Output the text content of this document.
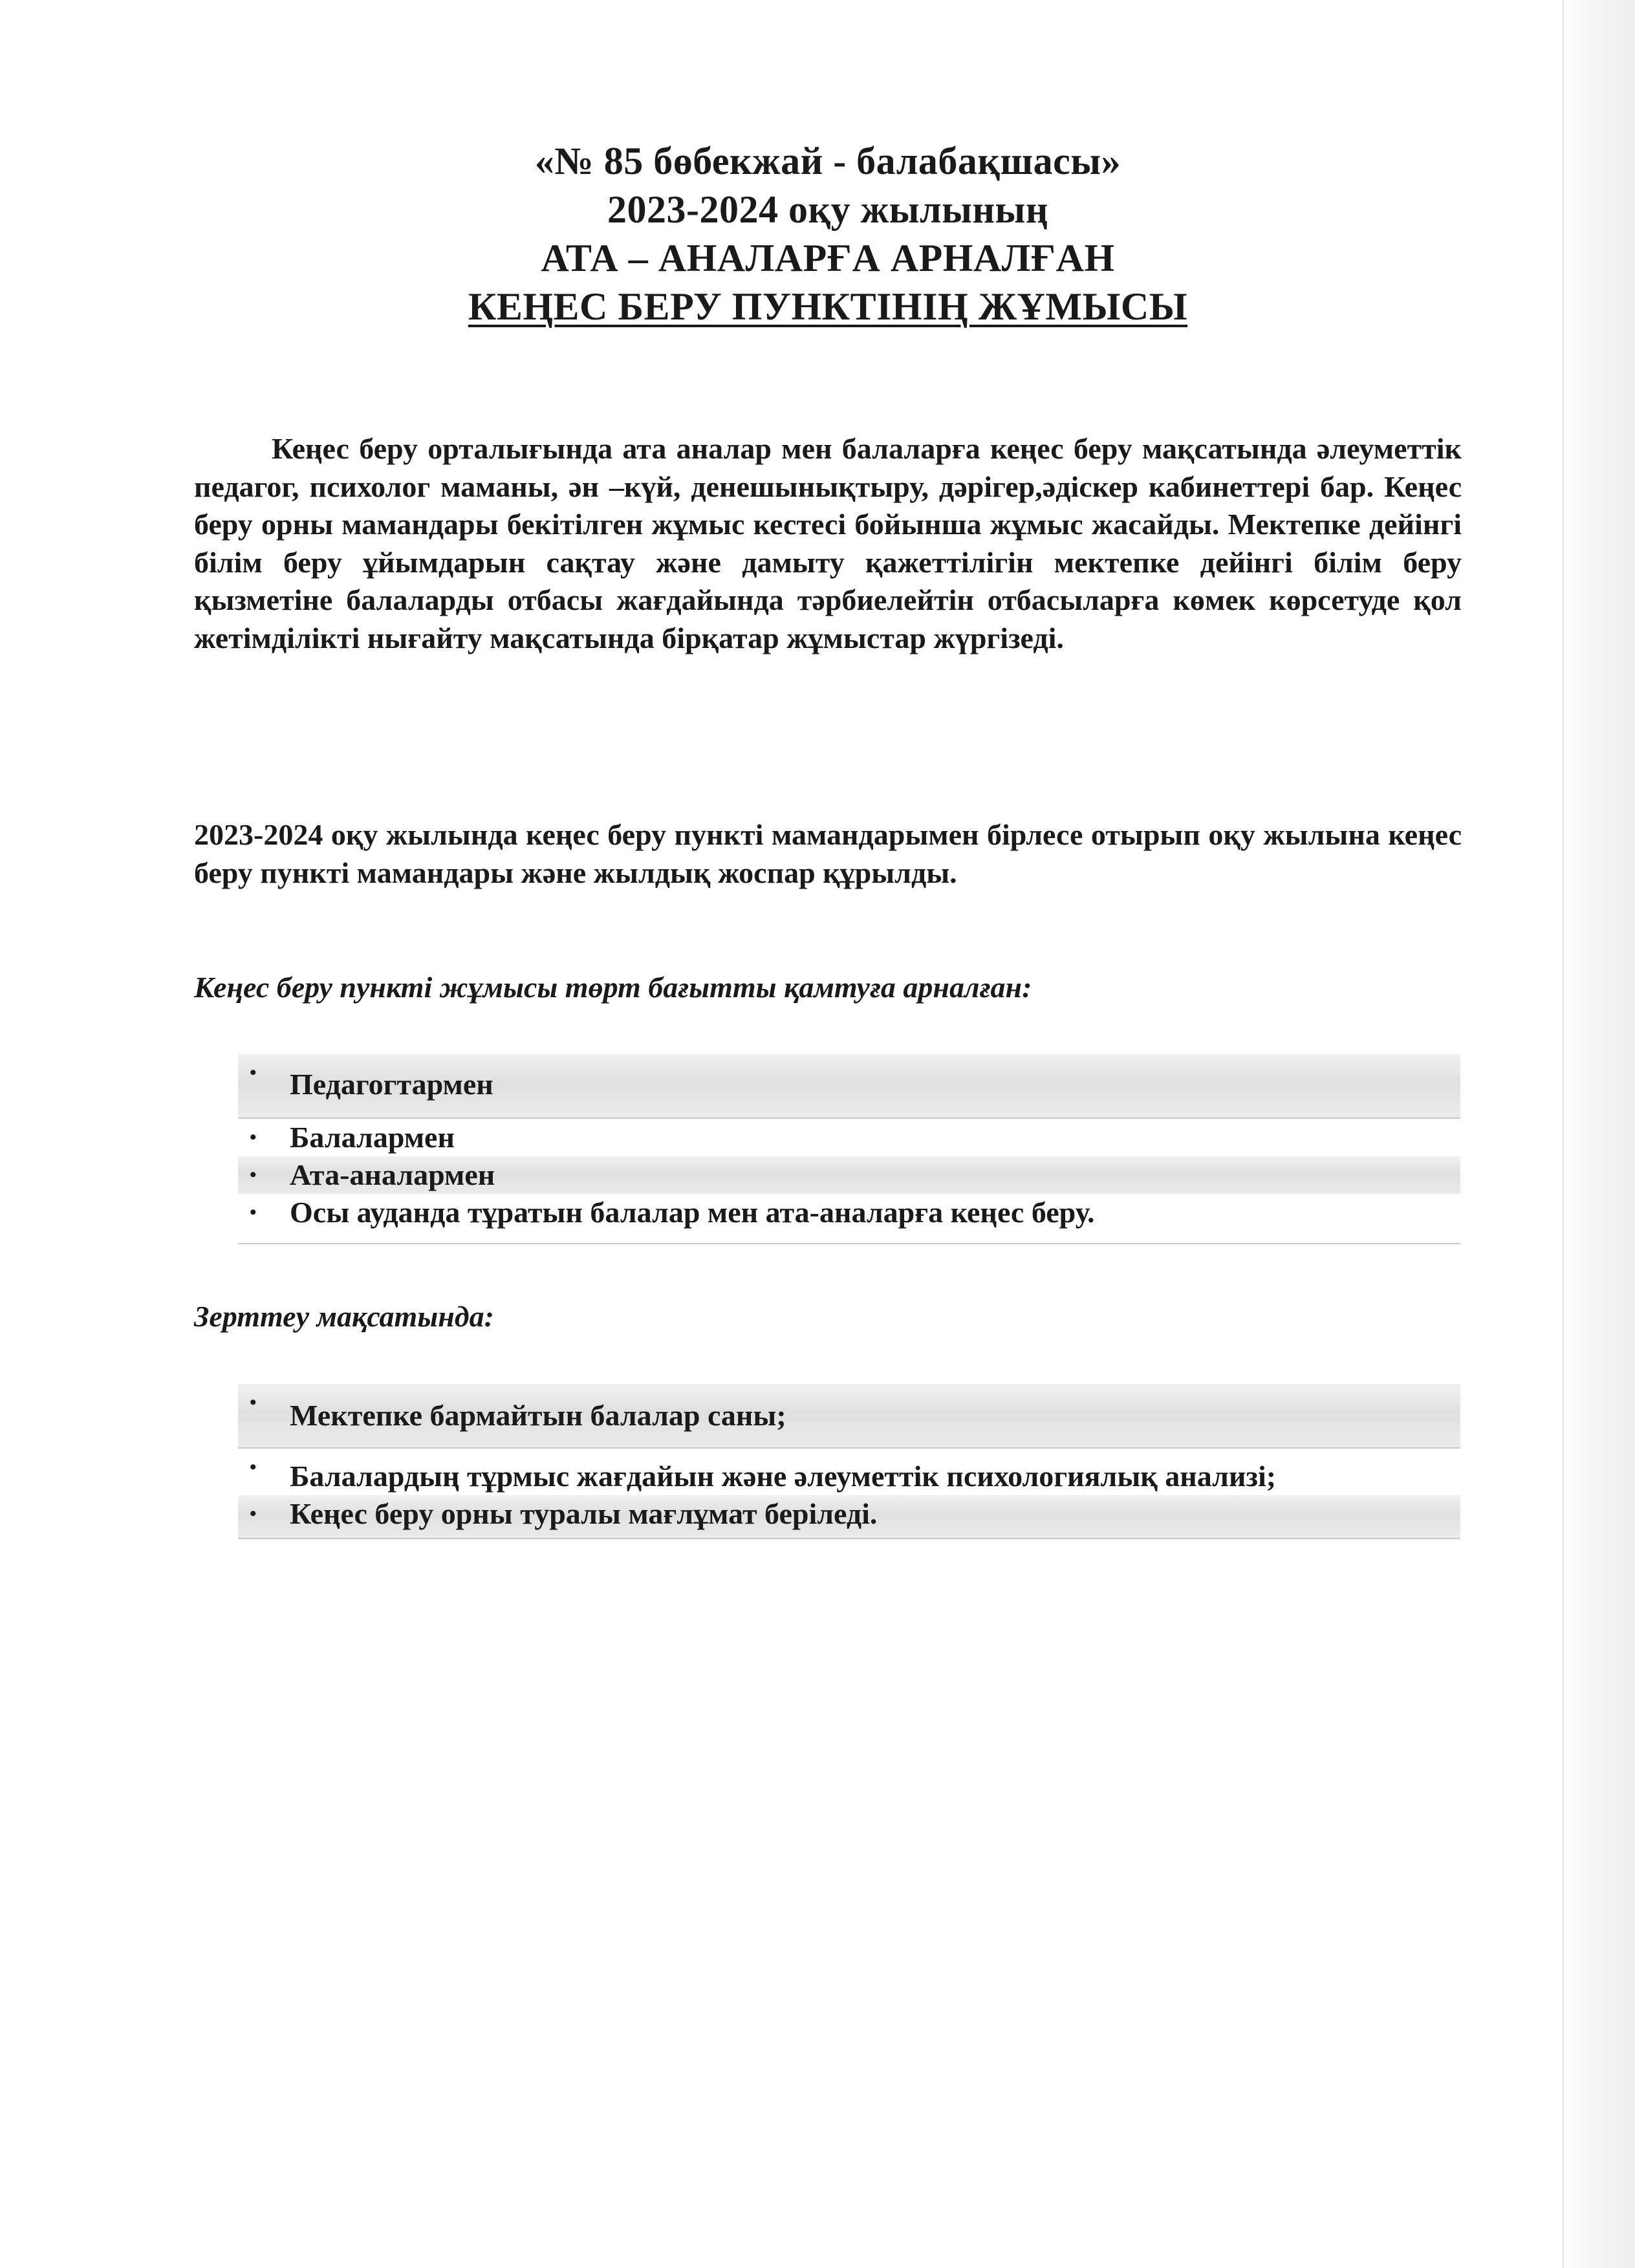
«№ 85 бөбекжай - балабақшасы»
2023-2024 оқу жылының
АТА – АНАЛАРҒА АРНАЛҒАН
КЕҢЕС БЕРУ ПУНКТІНІҢ ЖҰМЫСЫ

Кеңес беру орталығында ата аналар мен балаларға кеңес беру мақсатында әлеуметтік педагог, психолог маманы, ән –күй, денешынықтыру, дәрігер,әдіскер кабинеттері бар. Кеңес беру орны мамандары бекітілген жұмыс кестесі бойынша жұмыс жасайды. Мектепке дейінгі білім беру ұйымдарын сақтау және дамыту қажеттілігін мектепке дейінгі білім беру қызметіне балаларды отбасы жағдайында тәрбиелейтін отбасыларға көмек көрсетуде қол жетімділікті нығайту мақсатында бірқатар жұмыстар жүргізеді.

2023-2024 оқу жылында кеңес беру пункті мамандарымен бірлесе отырып оқу жылына кеңес беру пункті мамандары және жылдық жоспар құрылды.

Кеңес беру пункті жұмысы төрт бағытты қамтуға арналған:
• Педагогтармен
• Балалармен
• Ата-аналармен
• Осы ауданда тұратын балалар мен ата-аналарға кеңес беру.
Зерттеу мақсатында:
• Мектепке бармайтын балалар саны;
• Балалардың тұрмыс жағдайын және әлеуметтік психологиялық анализі;
• Кеңес беру орны туралы мағлұмат беріледі.
